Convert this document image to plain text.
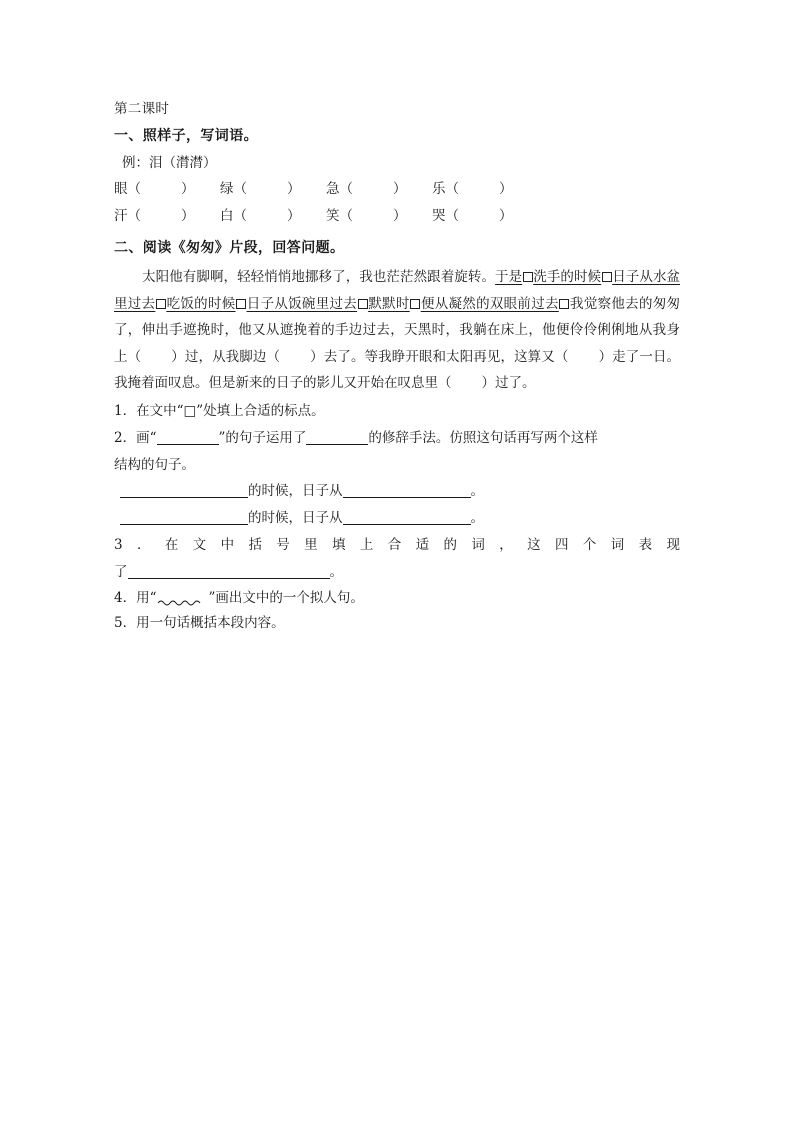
第二课时
一、照样子，写词语。
例：泪（潸潸）
眼（	）	绿（	）	急（	）	乐（	）
汗（	）	白（	）	笑（	）	哭（	）
二、阅读《匆匆》片段，回答问题。
太阳他有脚啊，轻轻悄悄地挪移了，我也茫茫然跟着旋转。于是 洗手的时候 日子从水盆里过去 吃饭的时候 日子从饭碗里过去 默默时 便从凝然的双眼前过去 我觉察他去的匆匆了，伸出手遮挽时，他又从遮挽着的手边过去，天黑时，我躺在床上，他便伶伶俐俐地从我身上（ ）过，从我脚边（ ）去了。等我睁开眼和太阳再见，这算又（ ）走了一日。我掩着面叹息。但是新来的日子的影儿又开始在叹息里（ ）过了。
1．在文中“□”处填上合适的标点。
2．画“	”的句子运用了	的修辞手法。仿照这句话再写两个这样
结构的句子。
的时候，日子从	。
的时候，日子从	。
3．在文中括号里填上合适的词，这四个词表现
了	。
4．用“	”画出文中的一个拟人句。
5．用一句话概括本段内容。
